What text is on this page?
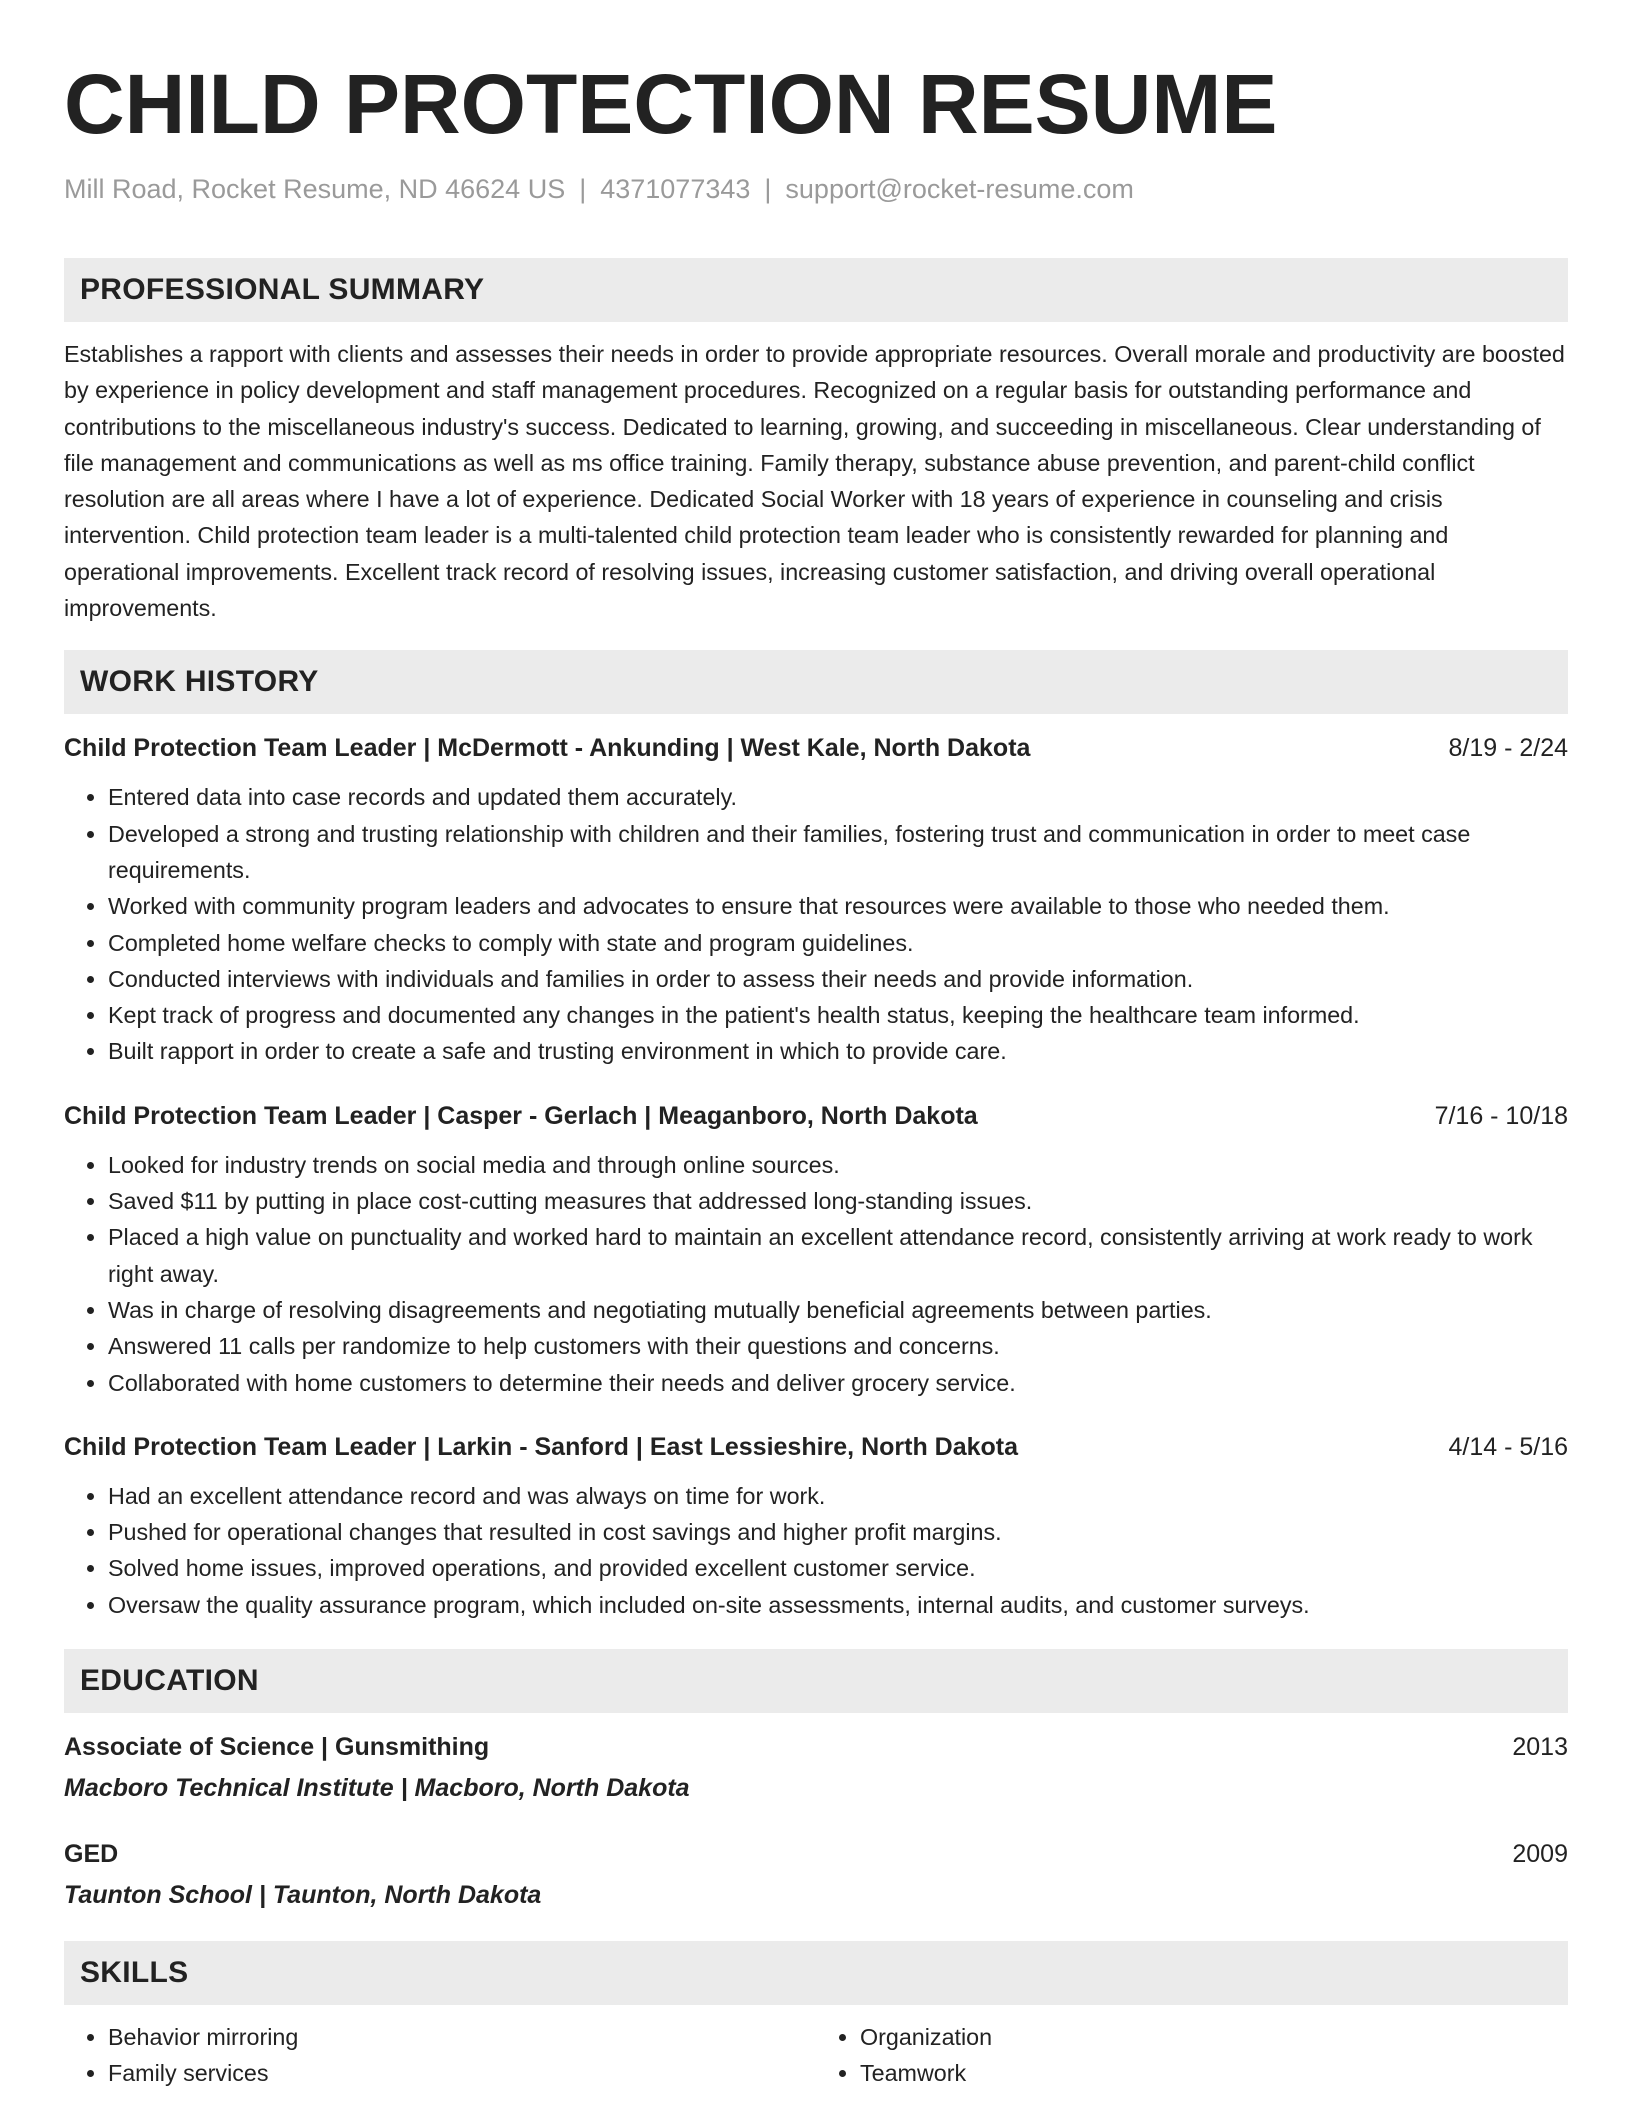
CHILD PROTECTION RESUME
Mill Road, Rocket Resume, ND 46624 US | 4371077343 | support@rocket-resume.com
PROFESSIONAL SUMMARY

Establishes a rapport with clients and assesses their needs in order to provide appropriate resources. Overall morale and productivity are boosted by experience in policy development and staff management procedures. Recognized on a regular basis for outstanding performance and contributions to the miscellaneous industry's success. Dedicated to learning, growing, and succeeding in miscellaneous. Clear understanding of file management and communications as well as ms office training. Family therapy, substance abuse prevention, and parent-child conflict resolution are all areas where I have a lot of experience. Dedicated Social Worker with 18 years of experience in counseling and crisis intervention. Child protection team leader is a multi-talented child protection team leader who is consistently rewarded for planning and operational improvements. Excellent track record of resolving issues, increasing customer satisfaction, and driving overall operational improvements.

WORK HISTORY
Child Protection Team Leader | McDermott - Ankunding | West Kale, North Dakota	8/19 - 2/24
• Entered data into case records and updated them accurately.
• Developed a strong and trusting relationship with children and their families, fostering trust and communication in order to meet case requirements.
• Worked with community program leaders and advocates to ensure that resources were available to those who needed them.
• Completed home welfare checks to comply with state and program guidelines.
• Conducted interviews with individuals and families in order to assess their needs and provide information.
• Kept track of progress and documented any changes in the patient's health status, keeping the healthcare team informed.
• Built rapport in order to create a safe and trusting environment in which to provide care.
Child Protection Team Leader | Casper - Gerlach | Meaganboro, North Dakota	7/16 - 10/18
• Looked for industry trends on social media and through online sources.
• Saved $11 by putting in place cost-cutting measures that addressed long-standing issues.
• Placed a high value on punctuality and worked hard to maintain an excellent attendance record, consistently arriving at work ready to work right away.
• Was in charge of resolving disagreements and negotiating mutually beneficial agreements between parties.
• Answered 11 calls per randomize to help customers with their questions and concerns.
• Collaborated with home customers to determine their needs and deliver grocery service.
Child Protection Team Leader | Larkin - Sanford | East Lessieshire, North Dakota	4/14 - 5/16
• Had an excellent attendance record and was always on time for work.
• Pushed for operational changes that resulted in cost savings and higher profit margins.
• Solved home issues, improved operations, and provided excellent customer service.
• Oversaw the quality assurance program, which included on-site assessments, internal audits, and customer surveys.
EDUCATION
Associate of Science | Gunsmithing	2013
Macboro Technical Institute | Macboro, North Dakota
GED	2009
Taunton School | Taunton, North Dakota
SKILLS
• Behavior mirroring
• Family services
• Organization
• Teamwork
